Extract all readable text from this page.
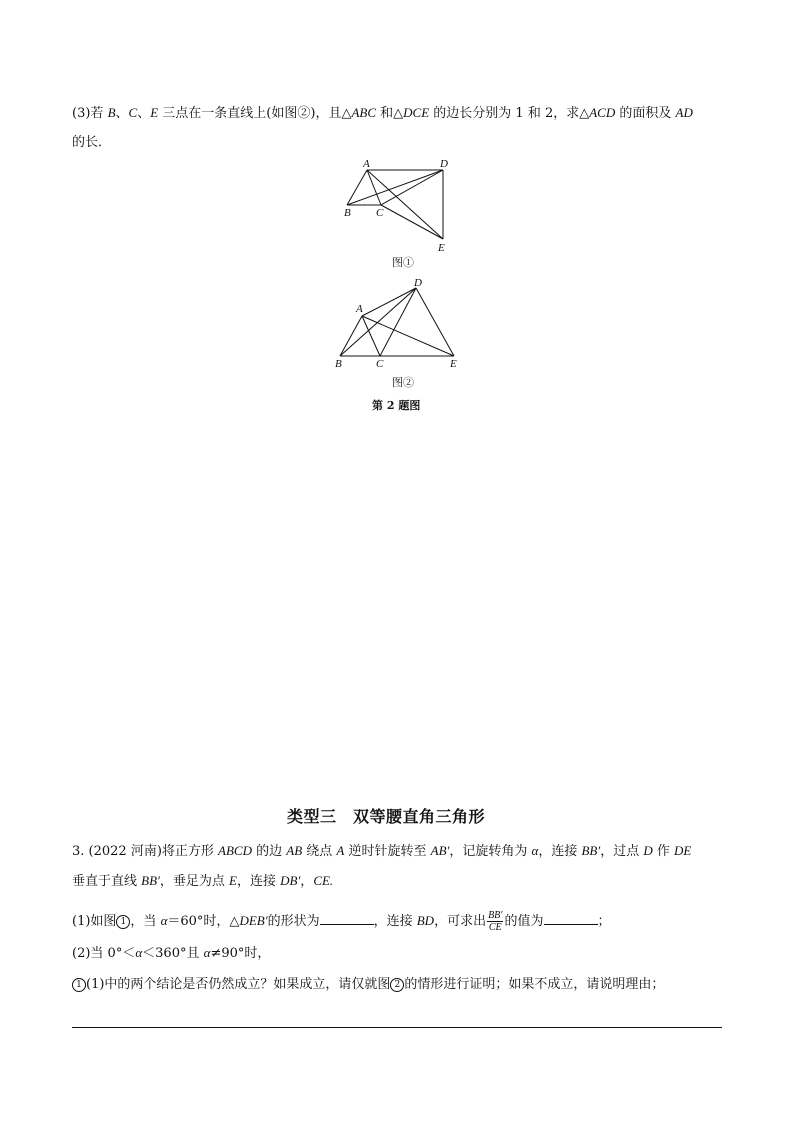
(3)若 B、C、E 三点在一条直线上(如图②)，且△ABC 和△DCE 的边长分别为 1 和 2，求△ACD 的面积及 AD
的长．
A	D
B C
E
图①
A
D
B	C	E
图②
第 2 题图
类型三　双等腰直角三角形
3. (2022 河南)将正方形 ABCD 的边 AB 绕点 A 逆时针旋转至 AB′，记旋转角为 α，连接 BB′，过点 D 作 DE
垂直于直线 BB′，垂足为点 E，连接 DB′，CE.
(1)如图 1 ，当 α＝60°时，△DEB′的形状为	，连接 BD，可求出 $\frac{BB'}{CE}$ 的值为	；
(2)当 0°＜α＜360°且 α≠90°时，
1 (1)中的两个结论是否仍然成立？如果成立，请仅就图 2 的情形进行证明；如果不成立，请说明理由；
